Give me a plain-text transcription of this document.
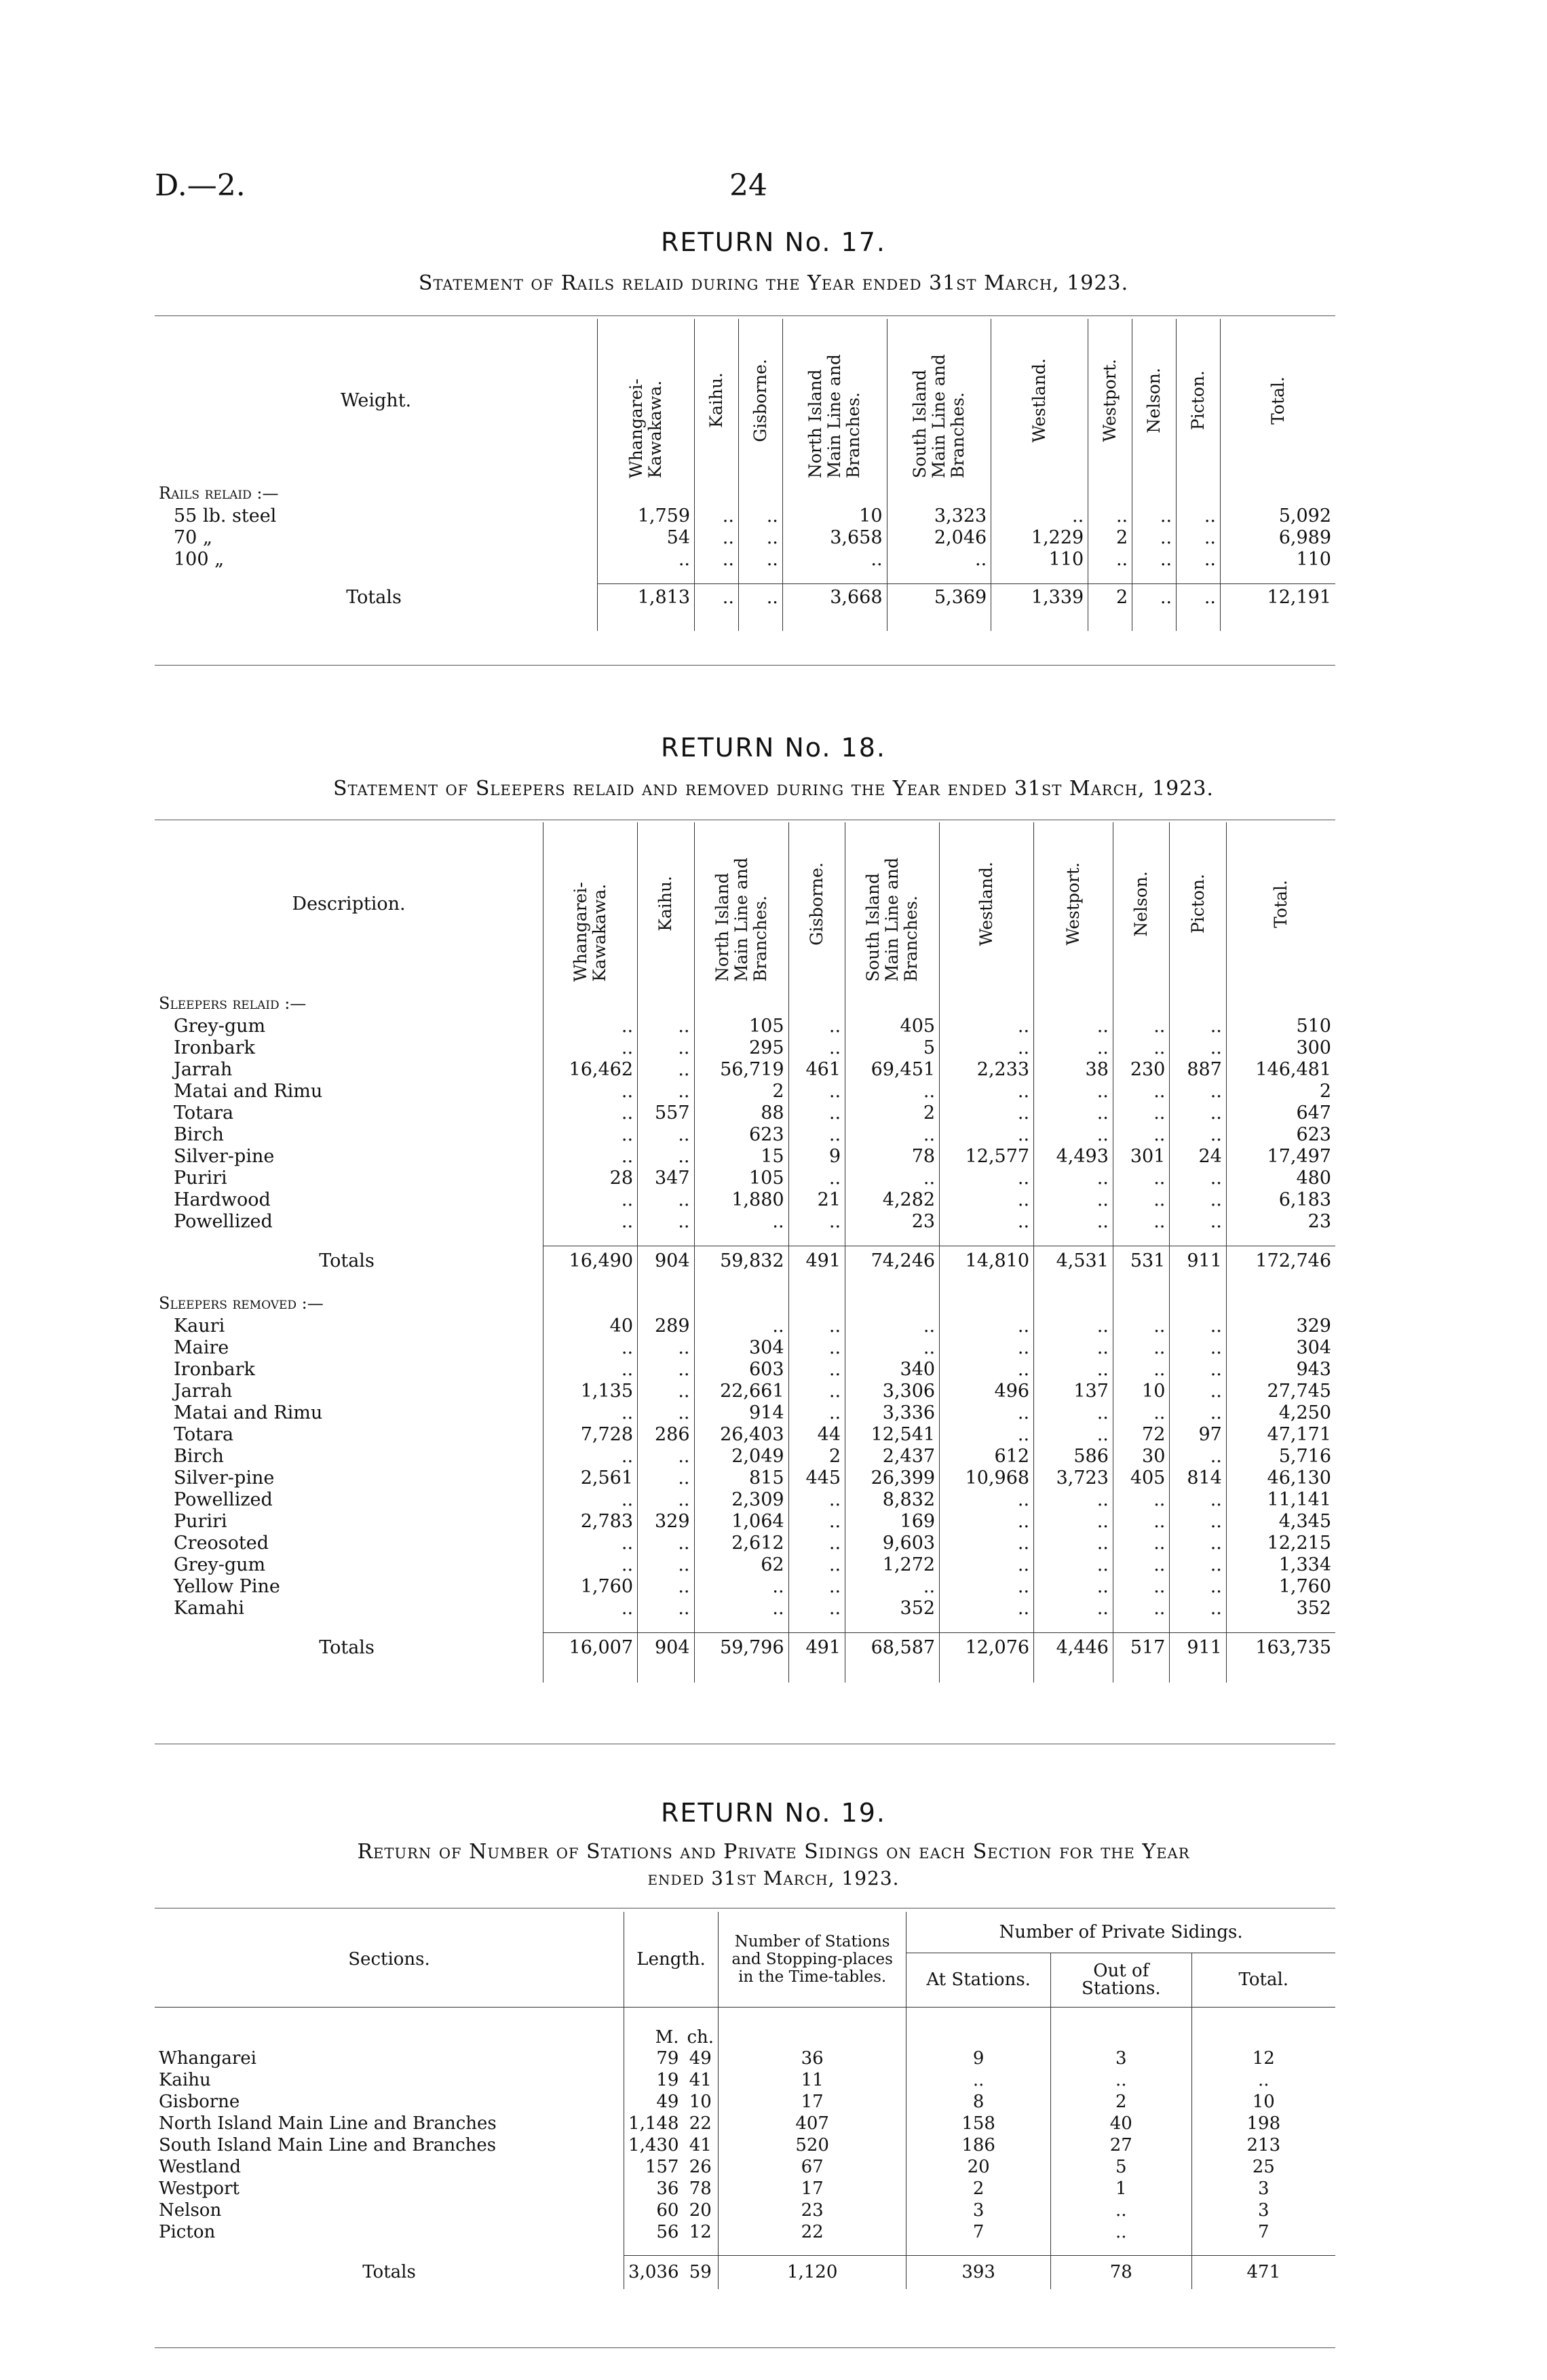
D.—2.	24
RETURN No. 17.
Statement of Rails relaid during the Year ended 31st March, 1923.
Weight.	Whangarei-Kawakawa.	Kaihu.	Gisborne.	North Island Main Line and Branches.	South Island Main Line and Branches.	Westland.	Westport.	Nelson.	Picton.	Total.

Rails relaid :—										
55 lb. steel	1,759	..	..	10	3,323	..	..	..	..	5,092
70 „	54	..	..	3,658	2,046	1,229	2	..	..	6,989
100 „	..	..	..	..	..	110	..	..	..	110

Totals	1,813	..	..	3,668	5,369	1,339	2	..	..	12,191

RETURN No. 18.
Statement of Sleepers relaid and removed during the Year ended 31st March, 1923.
Description.	Whangarei-Kawakawa.	Kaihu.	North Island Main Line and Branches.	Gisborne.	South Island Main Line and Branches.	Westland.	Westport.	Nelson.	Picton.	Total.

Sleepers relaid :—										
Grey-gum	..	..	105	..	405	..	..	..	..	510
Ironbark	..	..	295	..	5	..	..	..	..	300
Jarrah	16,462	..	56,719	461	69,451	2,233	38	230	887	146,481
Matai and Rimu	..	..	2	..	..	..	..	..	..	2
Totara	..	557	88	..	2	..	..	..	..	647
Birch	..	..	623	..	..	..	..	..	..	623
Silver-pine	..	..	15	9	78	12,577	4,493	301	24	17,497
Puriri	28	347	105	..	..	..	..	..	..	480
Hardwood	..	..	1,880	21	4,282	..	..	..	..	6,183
Powellized	..	..	..	..	23	..	..	..	..	23

Totals	16,490	904	59,832	491	74,246	14,810	4,531	531	911	172,746

Sleepers removed :—										
Kauri	40	289	..	..	..	..	..	..	..	329
Maire	..	..	304	..	..	..	..	..	..	304
Ironbark	..	..	603	..	340	..	..	..	..	943
Jarrah	1,135	..	22,661	..	3,306	496	137	10	..	27,745
Matai and Rimu	..	..	914	..	3,336	..	..	..	..	4,250
Totara	7,728	286	26,403	44	12,541	..	..	72	97	47,171
Birch	..	..	2,049	2	2,437	612	586	30	..	5,716
Silver-pine	2,561	..	815	445	26,399	10,968	3,723	405	814	46,130
Powellized	..	..	2,309	..	8,832	..	..	..	..	11,141
Puriri	2,783	329	1,064	..	169	..	..	..	..	4,345
Creosoted	..	..	2,612	..	9,603	..	..	..	..	12,215
Grey-gum	..	..	62	..	1,272	..	..	..	..	1,334
Yellow Pine	1,760	..	..	..	..	..	..	..	..	1,760
Kamahi	..	..	..	..	352	..	..	..	..	352

Totals	16,007	904	59,796	491	68,587	12,076	4,446	517	911	163,735

RETURN No. 19.
Return of Number of Stations and Private Sidings on each Section for the Year
ended 31st March, 1923.
Sections.	Length.		Number of Stations and Stopping-places in the Time-tables.	Number of Private Sidings.		
				At Stations.	Out of Stations.	Total.
	M.	ch.				
Whangarei	79	49	36	9	3	12
Kaihu	19	41	11	..	..	..
Gisborne	49	10	17	8	2	10
North Island Main Line and Branches	1,148	22	407	158	40	198
South Island Main Line and Branches	1,430	41	520	186	27	213
Westland	157	26	67	20	5	25
Westport	36	78	17	2	1	3
Nelson	60	20	23	3	..	3
Picton	56	12	22	7	..	7

Totals	3,036	59	1,120	393	78	471
